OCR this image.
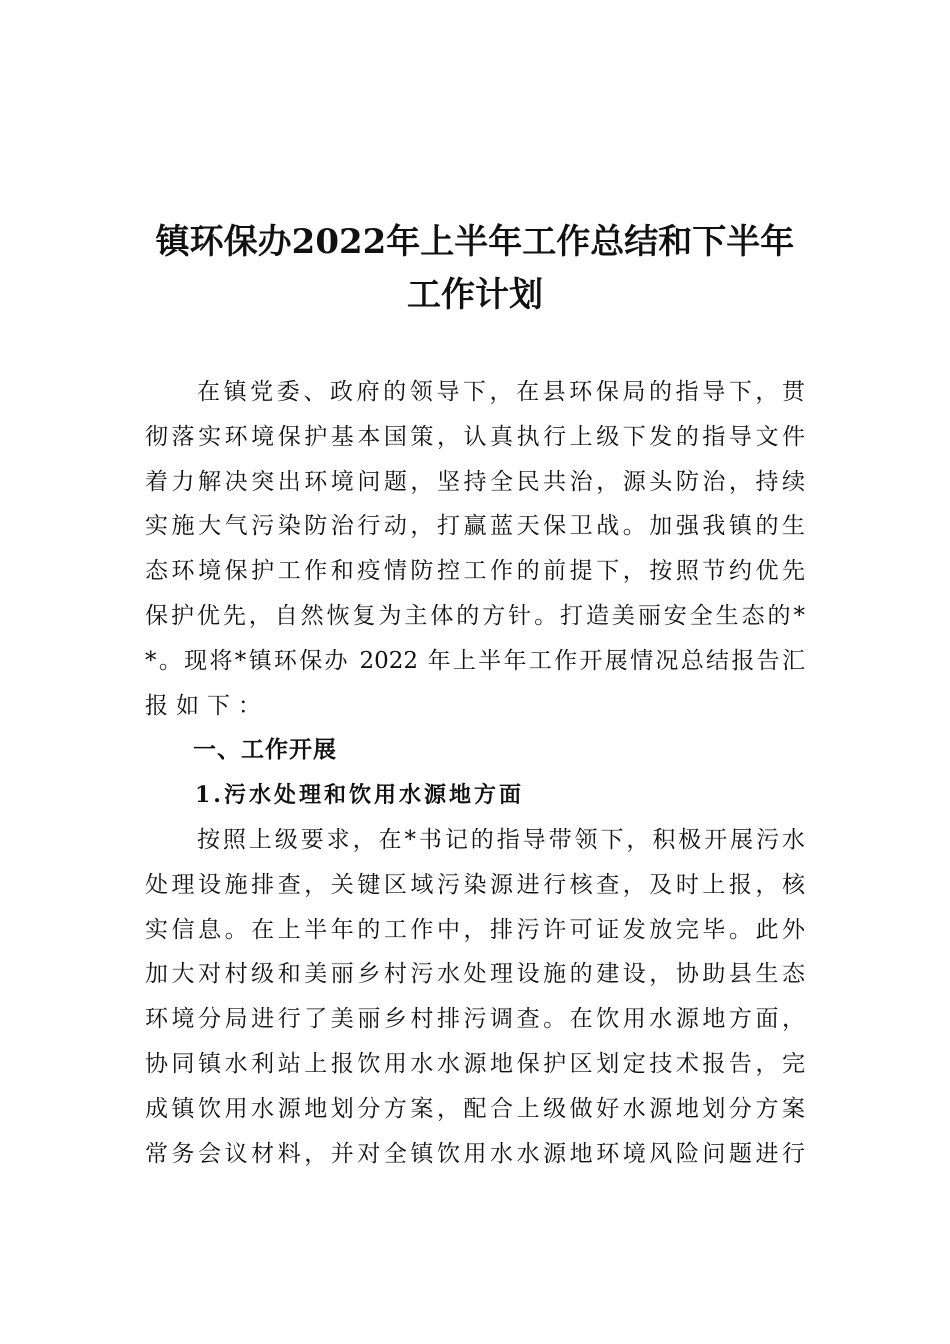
镇环保办2022年上半年工作总结和下半年
工作计划
在镇党委、政府的领导下，在县环保局的指导下，贯
彻落实环境保护基本国策，认真执行上级下发的指导文件
着力解决突出环境问题，坚持全民共治，源头防治，持续
实施大气污染防治行动，打赢蓝天保卫战。加强我镇的生
态环境保护工作和疫情防控工作的前提下，按照节约优先
保护优先，自然恢复为主体的方针。打造美丽安全生态的*
*。现将*镇环保办 2022 年上半年工作开展情况总结报告汇
报如下：
一、工作开展
1.污水处理和饮用水源地方面
按照上级要求，在*书记的指导带领下，积极开展污水
处理设施排查，关键区域污染源进行核查，及时上报，核
实信息。在上半年的工作中，排污许可证发放完毕。此外
加大对村级和美丽乡村污水处理设施的建设，协助县生态
环境分局进行了美丽乡村排污调查。在饮用水源地方面，
协同镇水利站上报饮用水水源地保护区划定技术报告，完
成镇饮用水源地划分方案，配合上级做好水源地划分方案
常务会议材料，并对全镇饮用水水源地环境风险问题进行
